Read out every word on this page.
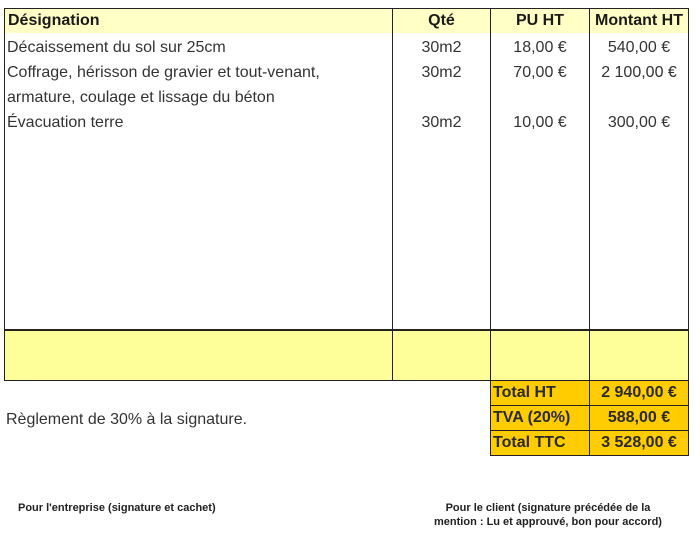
Désignation	Qté	PU HT	Montant HT
Décaissement du sol sur 25cm	30m2	18,00 €	540,00 €
Coffrage, hérisson de gravier et tout-venant,
armature, coulage et lissage du béton
30m2	70,00 €	2 100,00 €
Évacuation terre	30m2	10,00 €	300,00 €
Total HT	2 940,00 €
TVA (20%)	588,00 €
Total TTC	3 528,00 €
Règlement de 30% à la signature.
Pour l'entreprise (signature et cachet)	Pour le client (signature précédée de la
mention : Lu et approuvé, bon pour accord)
